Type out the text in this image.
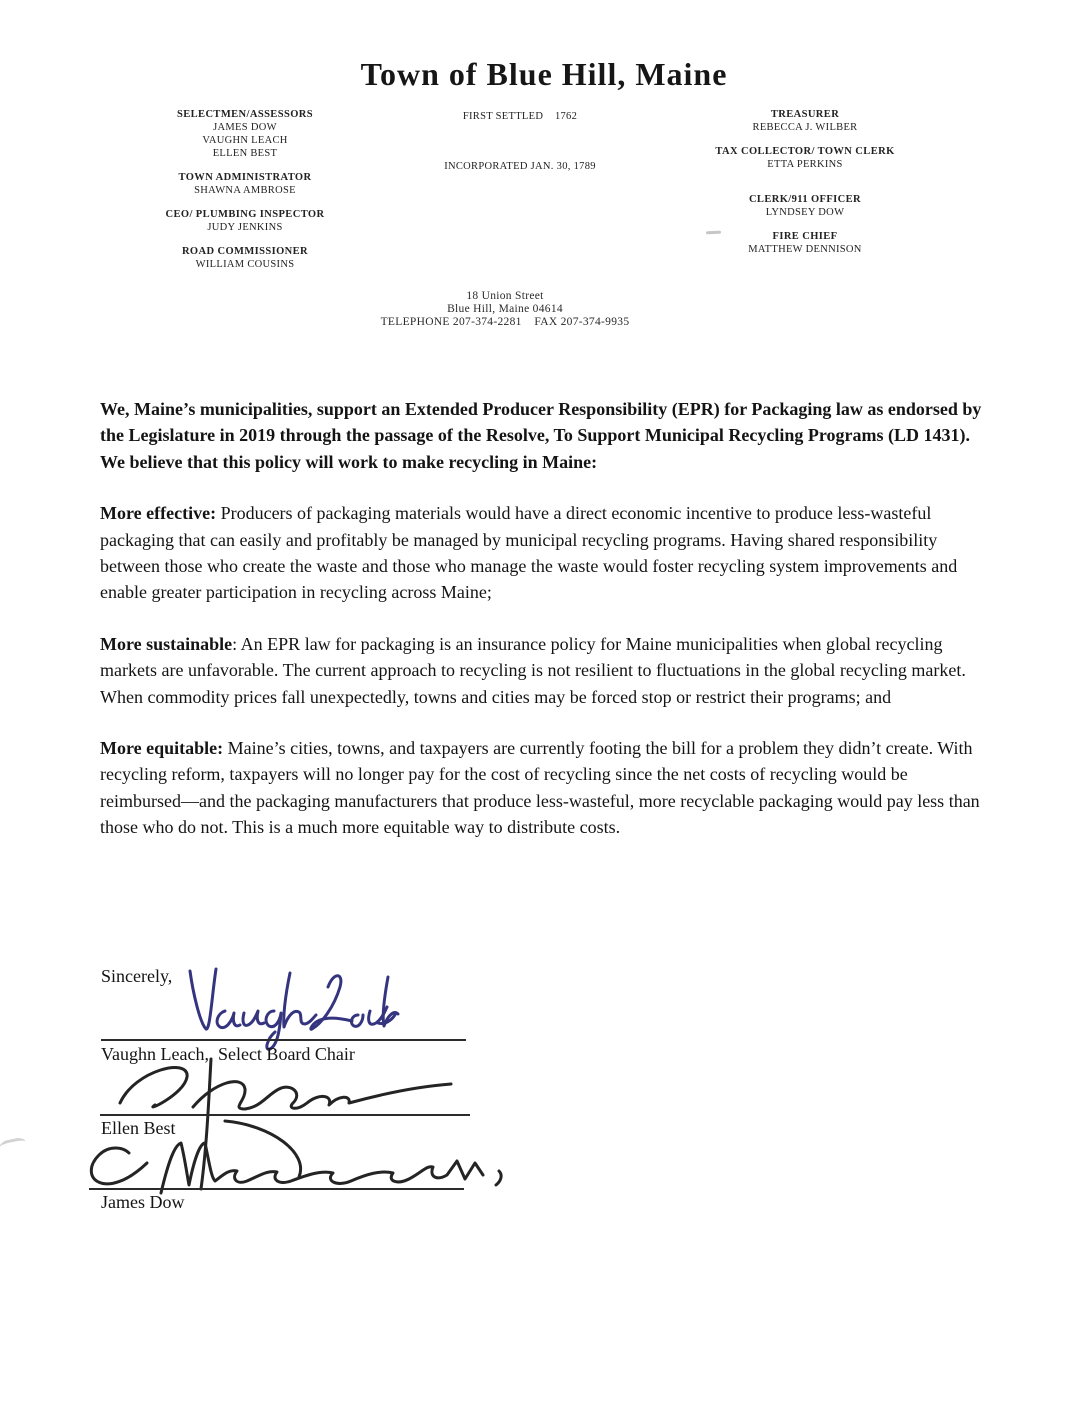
Town of Blue Hill, Maine
SELECTMEN/ASSESSORS
JAMES DOW
VAUGHN LEACH
ELLEN BEST
TOWN ADMINISTRATOR
SHAWNA AMBROSE
CEO/ PLUMBING INSPECTOR
JUDY JENKINS
ROAD COMMISSIONER
WILLIAM COUSINS
FIRST SETTLED    1762
INCORPORATED JAN. 30, 1789
TREASURER
REBECCA J. WILBER
TAX COLLECTOR/ TOWN CLERK
ETTA PERKINS
CLERK/911 OFFICER
LYNDSEY DOW
FIRE CHIEF
MATTHEW DENNISON
18 Union Street
Blue Hill, Maine 04614
TELEPHONE 207-374-2281    FAX 207-374-9935

We, Maine’s municipalities, support an Extended Producer Responsibility (EPR) for Packaging law as endorsed by the Legislature in 2019 through the passage of the Resolve, To Support Municipal Recycling Programs (LD 1431). We believe that this policy will work to make recycling in Maine:

More effective: Producers of packaging materials would have a direct economic incentive to produce less-wasteful packaging that can easily and profitably be managed by municipal recycling programs. Having shared responsibility between those who create the waste and those who manage the waste would foster recycling system improvements and enable greater participation in recycling across Maine;

More sustainable: An EPR law for packaging is an insurance policy for Maine municipalities when global recycling markets are unfavorable. The current approach to recycling is not resilient to fluctuations in the global recycling market. When commodity prices fall unexpectedly, towns and cities may be forced stop or restrict their programs; and

More equitable: Maine’s cities, towns, and taxpayers are currently footing the bill for a problem they didn’t create. With recycling reform, taxpayers will no longer pay for the cost of recycling since the net costs of recycling would be reimbursed—and the packaging manufacturers that produce less-wasteful, more recyclable packaging would pay less than those who do not. This is a much more equitable way to distribute costs.

Sincerely,
Vaughn Leach,  Select Board Chair
Ellen Best
James Dow
